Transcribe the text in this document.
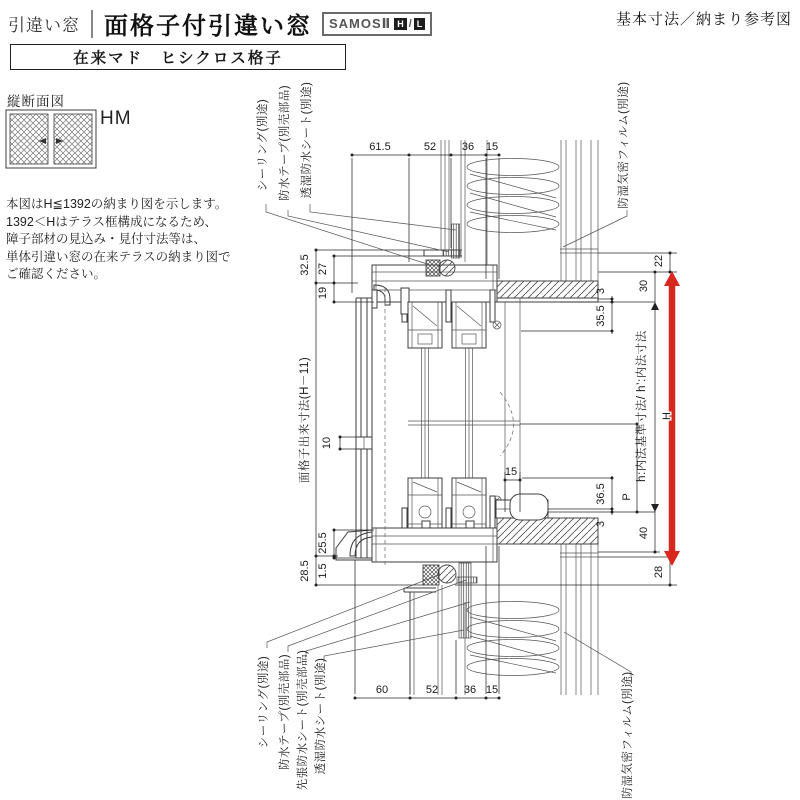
引違い窓 面格子付引違い窓 SAMOSⅡ H / L	基本寸法／納まり参考図
在来マド　ヒシクロス格子
縦断面図
HM
本図はH≦1392の納まり図を示します。
1392＜Hはテラス框構成になるため、
障子部材の見込み・見付寸法等は、
単体引違い窓の在来テラスの納まり図で
ご確認ください。
61.5	52 36 15
60	52 36 15
32.5 27
19
10
25.5
1.5
28.5
面格子出来寸法(H－11)
3
35.5
36.5
3
30
40
22
28
P
h:内法基準寸法/ h’:内法寸法
15
H
シーリング(別途) 防水テープ(別売部品) 透湿防水シート(別途)	防湿気密フィルム(別途)
シーリング(別途) 防水テープ(別売部品) 先張防水シート(別売部品) 透湿防水シート(別途)	防湿気密フィルム(別途)
